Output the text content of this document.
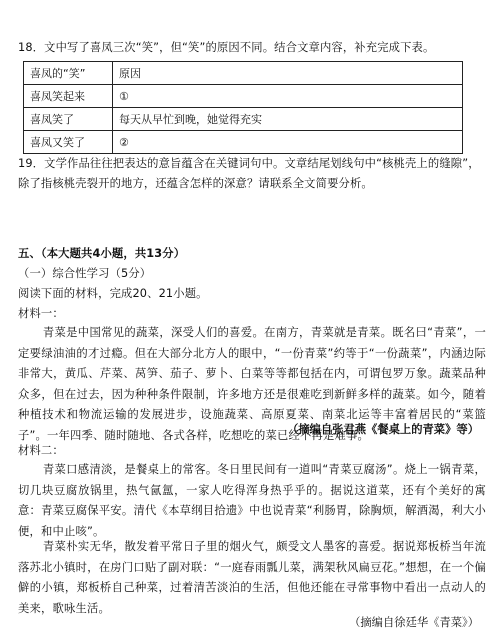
18．文中写了喜凤三次“笑”，但“笑”的原因不同。结合文章内容，补充完成下表。
喜凤的“笑”	原因
喜凤笑起来	①
喜凤笑了	每天从早忙到晚，她觉得充实
喜凤又笑了	②
19．文学作品往往把表达的意旨蕴含在关键词句中。文章结尾划线句中“核桃壳上的缝隙”，
除了指核桃壳裂开的地方，还蕴含怎样的深意？请联系全文简要分析。
五、（本大题共4小题，共13分）
（一）综合性学习（5分）
阅读下面的材料，完成20、21小题。
材料一：
青菜是中国常见的蔬菜，深受人们的喜爱。在南方，青菜就是青菜。既名曰“青菜”，一定要绿油油的才过瘾。但在大部分北方人的眼中，“一份青菜”约等于“一份蔬菜”，内涵边际非常大，黄瓜、芹菜、莴笋、茄子、萝卜、白菜等等都包括在内，可谓包罗万象。蔬菜品种众多，但在过去，因为种种条件限制，许多地方还是很难吃到新鲜多样的蔬菜。如今，随着种植技术和物流运输的发展进步，设施蔬菜、高原夏菜、南菜北运等丰富着居民的“菜篮子”。一年四季、随时随地、各式各样，吃想吃的菜已经不再是难事。
（摘编自张君燕《餐桌上的青菜》等）
材料二：
青菜口感清淡，是餐桌上的常客。冬日里民间有一道叫“青菜豆腐汤”。烧上一锅青菜，切几块豆腐放锅里，热气氤氲，一家人吃得浑身热乎乎的。据说这道菜，还有个美好的寓意：青菜豆腐保平安。清代《本草纲目拾遗》中也说青菜“利肠胃，除胸烦，解酒渴，利大小便，和中止咳”。
青菜朴实无华，散发着平常日子里的烟火气，颇受文人墨客的喜爱。据说郑板桥当年流落苏北小镇时，在房门口贴了副对联：“一庭春雨瓢儿菜，满架秋风扁豆花。”想想，在一个偏僻的小镇，郑板桥自己种菜，过着清苦淡泊的生活，但他还能在寻常事物中看出一点动人的美来，歌咏生活。
（摘编自徐廷华《青菜》）
